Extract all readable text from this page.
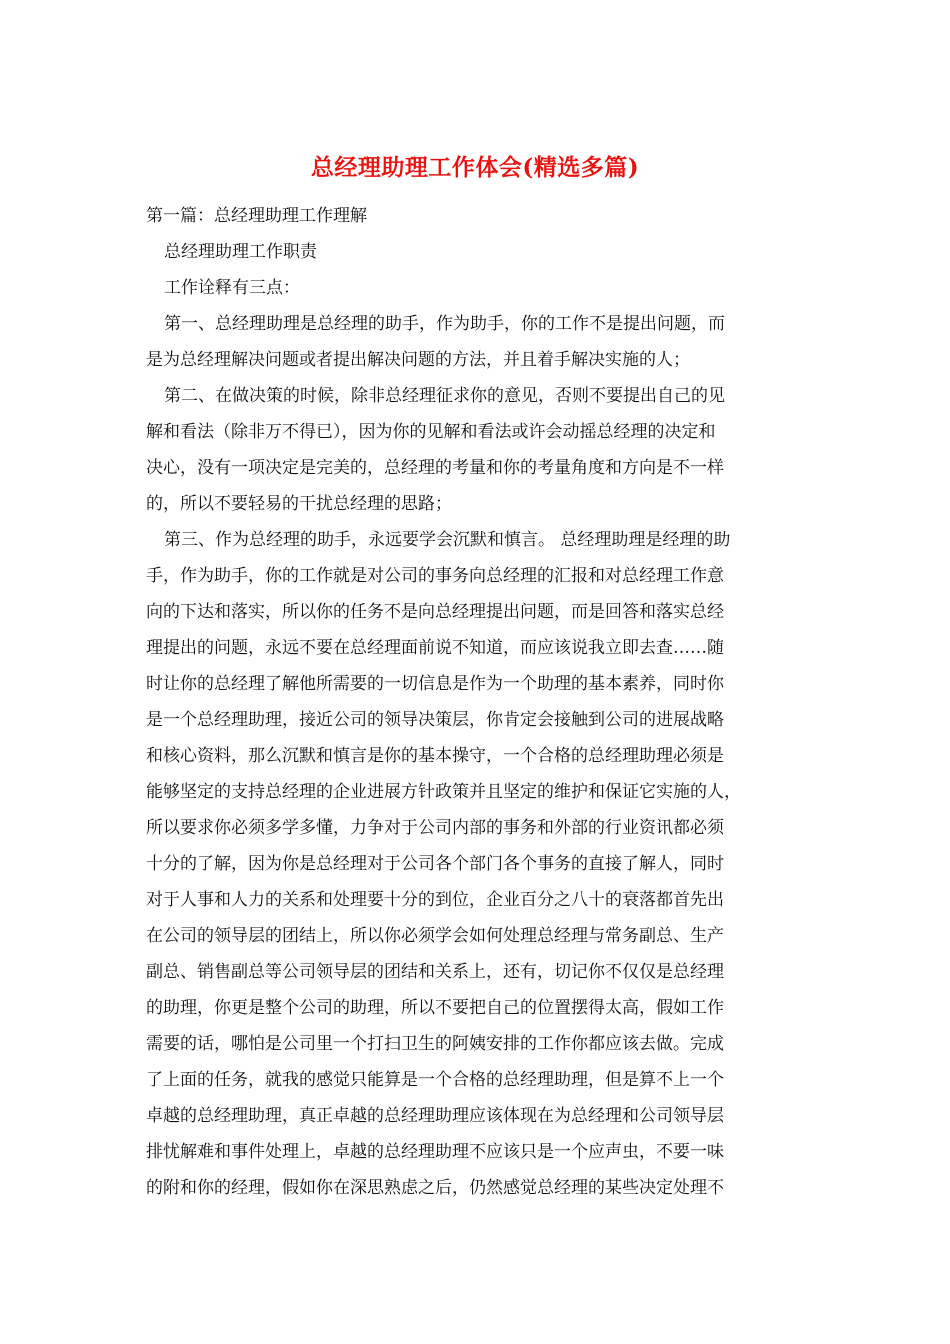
总经理助理工作体会(精选多篇)
第一篇：总经理助理工作理解
总经理助理工作职责
工作诠释有三点：
第一、总经理助理是总经理的助手，作为助手，你的工作不是提出问题，而
是为总经理解决问题或者提出解决问题的方法，并且着手解决实施的人；
第二、在做决策的时候，除非总经理征求你的意见，否则不要提出自己的见
解和看法（除非万不得已），因为你的见解和看法或许会动摇总经理的决定和
决心，没有一项决定是完美的，总经理的考量和你的考量角度和方向是不一样
的，所以不要轻易的干扰总经理的思路；
第三、作为总经理的助手，永远要学会沉默和慎言。 总经理助理是经理的助
手，作为助手，你的工作就是对公司的事务向总经理的汇报和对总经理工作意
向的下达和落实，所以你的任务不是向总经理提出问题，而是回答和落实总经
理提出的问题，永远不要在总经理面前说不知道，而应该说我立即去查……随
时让你的总经理了解他所需要的一切信息是作为一个助理的基本素养，同时你
是一个总经理助理，接近公司的领导决策层，你肯定会接触到公司的进展战略
和核心资料，那么沉默和慎言是你的基本操守，一个合格的总经理助理必须是
能够坚定的支持总经理的企业进展方针政策并且坚定的维护和保证它实施的人，
所以要求你必须多学多懂，力争对于公司内部的事务和外部的行业资讯都必须
十分的了解，因为你是总经理对于公司各个部门各个事务的直接了解人，同时
对于人事和人力的关系和处理要十分的到位，企业百分之八十的衰落都首先出
在公司的领导层的团结上，所以你必须学会如何处理总经理与常务副总、生产
副总、销售副总等公司领导层的团结和关系上，还有，切记你不仅仅是总经理
的助理，你更是整个公司的助理，所以不要把自己的位置摆得太高，假如工作
需要的话，哪怕是公司里一个打扫卫生的阿姨安排的工作你都应该去做。完成
了上面的任务，就我的感觉只能算是一个合格的总经理助理，但是算不上一个
卓越的总经理助理，真正卓越的总经理助理应该体现在为总经理和公司领导层
排忧解难和事件处理上，卓越的总经理助理不应该只是一个应声虫，不要一味
的附和你的经理，假如你在深思熟虑之后，仍然感觉总经理的某些决定处理不
